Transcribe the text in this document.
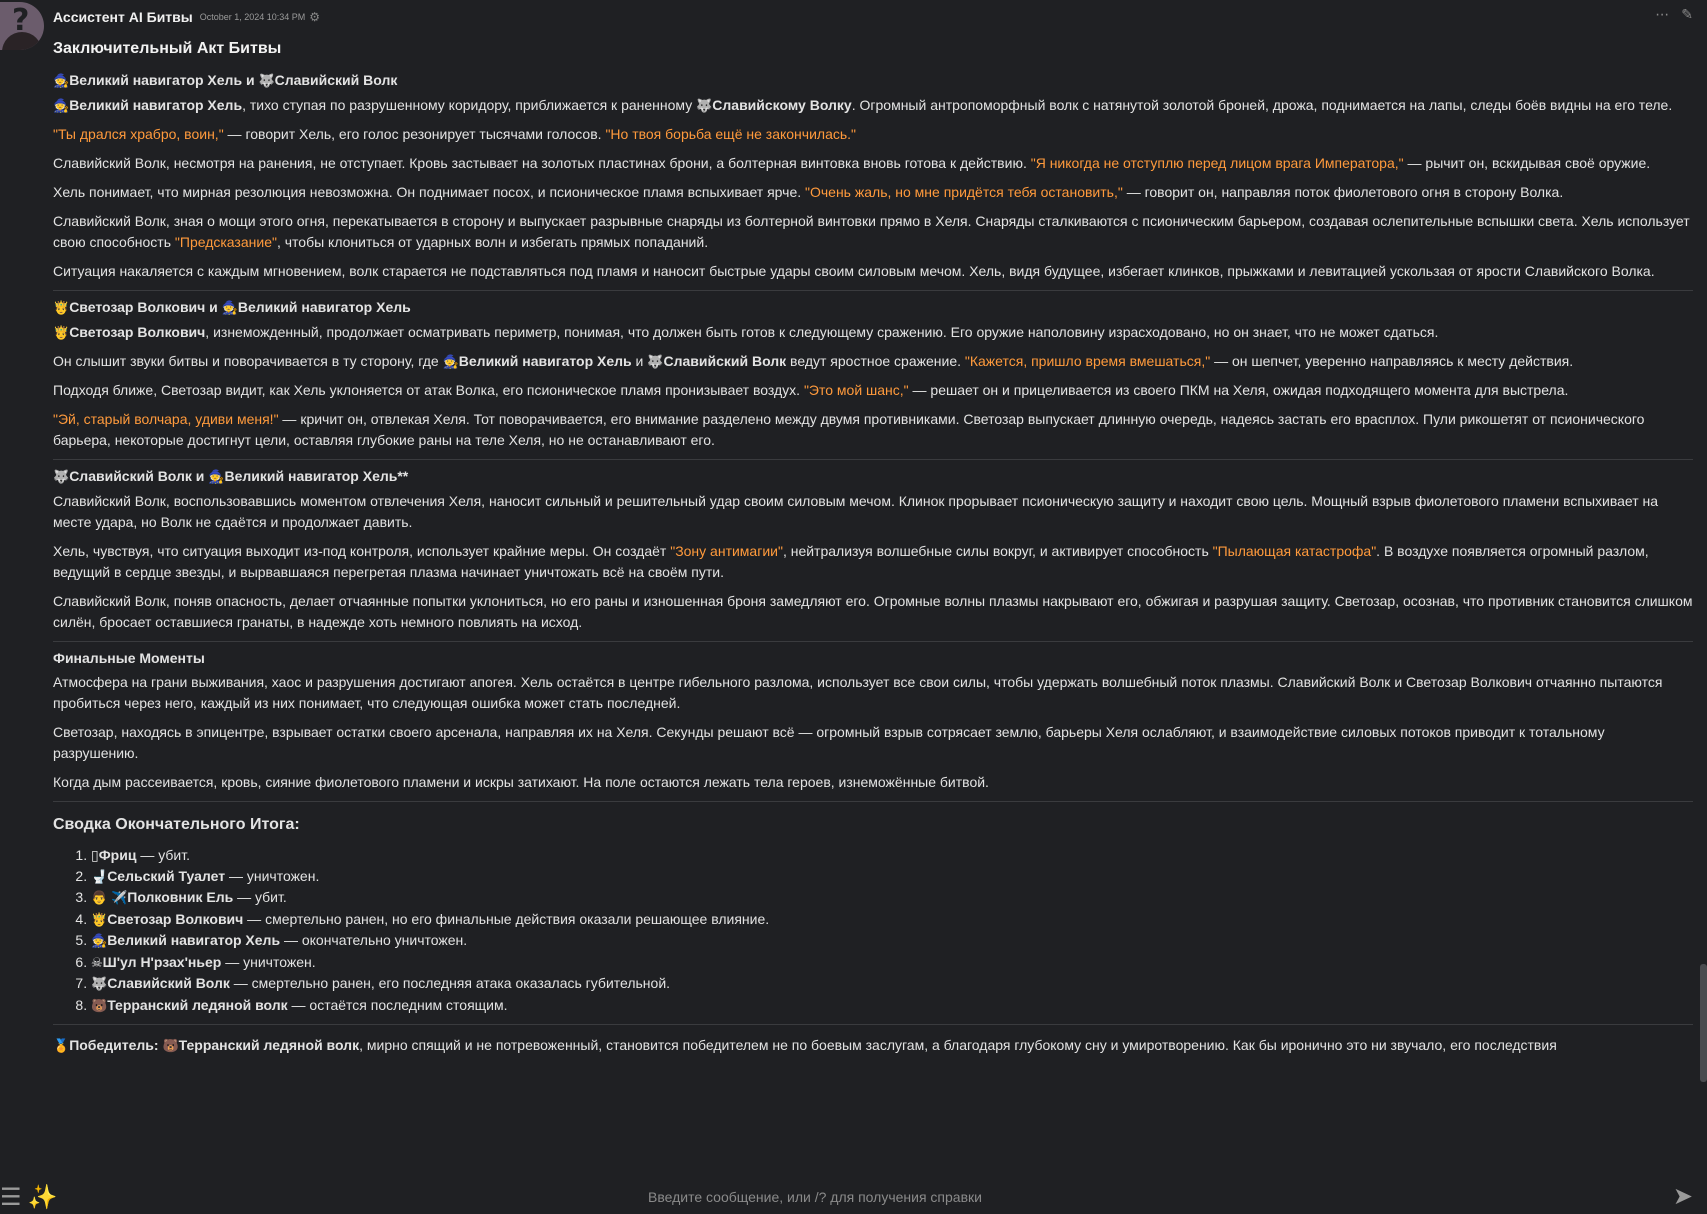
?	⋯ ✎
Ассистент AI Битвы October 1, 2024 10:34 PM ⚙
Заключительный Акт Битвы
🧙Великий навигатор Хель и 🐺Славийский Волк

🧙Великий навигатор Хель, тихо ступая по разрушенному коридору, приближается к раненному 🐺Славийскому Волку. Огромный антропоморфный волк с натянутой золотой броней, дрожа, поднимается на лапы, следы боёв видны на его теле.

"Ты дрался храбро, воин," — говорит Хель, его голос резонирует тысячами голосов. "Но твоя борьба ещё не закончилась."

Славийский Волк, несмотря на ранения, не отступает. Кровь застывает на золотых пластинах брони, а болтерная винтовка вновь готова к действию. "Я никогда не отступлю перед лицом врага Императора," — рычит он, вскидывая своё оружие.

Хель понимает, что мирная резолюция невозможна. Он поднимает посох, и псионическое пламя вспыхивает ярче. "Очень жаль, но мне придётся тебя остановить," — говорит он, направляя поток фиолетового огня в сторону Волка.

Славийский Волк, зная о мощи этого огня, перекатывается в сторону и выпускает разрывные снаряды из болтерной винтовки прямо в Хеля. Снаряды сталкиваются с псионическим барьером, создавая ослепительные вспышки света. Хель использует свою способность "Предсказание", чтобы клониться от ударных волн и избегать прямых попаданий.

Ситуация накаляется с каждым мгновением, волк старается не подставляться под пламя и наносит быстрые удары своим силовым мечом. Хель, видя будущее, избегает клинков, прыжками и левитацией ускользая от ярости Славийского Волка.

🤴Светозар Волкович и 🧙Великий навигатор Хель

🤴Светозар Волкович, изнеможденный, продолжает осматривать периметр, понимая, что должен быть готов к следующему сражению. Его оружие наполовину израсходовано, но он знает, что не может сдаться.

Он слышит звуки битвы и поворачивается в ту сторону, где 🧙Великий навигатор Хель и 🐺Славийский Волк ведут яростное сражение. "Кажется, пришло время вмешаться," — он шепчет, уверенно направляясь к месту действия.

Подходя ближе, Светозар видит, как Хель уклоняется от атак Волка, его псионическое пламя пронизывает воздух. "Это мой шанс," — решает он и прицеливается из своего ПКМ на Хеля, ожидая подходящего момента для выстрела.

"Эй, старый волчара, удиви меня!" — кричит он, отвлекая Хеля. Тот поворачивается, его внимание разделено между двумя противниками. Светозар выпускает длинную очередь, надеясь застать его врасплох. Пули рикошетят от псионического барьера, некоторые достигнут цели, оставляя глубокие раны на теле Хеля, но не останавливают его.

🐺Славийский Волк и 🧙Великий навигатор Хель**

Славийский Волк, воспользовавшись моментом отвлечения Хеля, наносит сильный и решительный удар своим силовым мечом. Клинок прорывает псионическую защиту и находит свою цель. Мощный взрыв фиолетового пламени вспыхивает на месте удара, но Волк не сдаётся и продолжает давить.

Хель, чувствуя, что ситуация выходит из-под контроля, использует крайние меры. Он создаёт "Зону антимагии", нейтрализуя волшебные силы вокруг, и активирует способность "Пылающая катастрофа". В воздухе появляется огромный разлом, ведущий в сердце звезды, и вырвавшаяся перегретая плазма начинает уничтожать всё на своём пути.

Славийский Волк, поняв опасность, делает отчаянные попытки уклониться, но его раны и изношенная броня замедляют его. Огромные волны плазмы накрывают его, обжигая и разрушая защиту. Светозар, осознав, что противник становится слишком силён, бросает оставшиеся гранаты, в надежде хоть немного повлиять на исход.

Финальные Моменты

Атмосфера на грани выживания, хаос и разрушения достигают апогея. Хель остаётся в центре гибельного разлома, использует все свои силы, чтобы удержать волшебный поток плазмы. Славийский Волк и Светозар Волкович отчаянно пытаются пробиться через него, каждый из них понимает, что следующая ошибка может стать последней.

Светозар, находясь в эпицентре, взрывает остатки своего арсенала, направляя их на Хеля. Секунды решают всё — огромный взрыв сотрясает землю, барьеры Хеля ослабляют, и взаимодействие силовых потоков приводит к тотальному разрушению.

Когда дым рассеивается, кровь, сияние фиолетового пламени и искры затихают. На поле остаются лежать тела героев, изнеможённые битвой.

Сводка Окончательного Итога:
1. ▯Фриц — убит.
2. 🚽Сельский Туалет — уничтожен.
3. 👨 ✈️Полковник Ель — убит.
4. 🤴Светозар Волкович — смертельно ранен, но его финальные действия оказали решающее влияние.
5. 🧙Великий навигатор Хель — окончательно уничтожен.
6. ☠Ш'ул Н'рзах'ньер — уничтожен.
7. 🐺Славийский Волк — смертельно ранен, его последняя атака оказалась губительной.
8. 🐻Терранский ледяной волк — остаётся последним стоящим.
🏅Победитель: 🐻Терранский ледяной волк, мирно спящий и не потревоженный, становится победителем не по боевым заслугам, а благодаря глубокому сну и умиротворению. Как бы иронично это ни звучало, его последствия
☰ ✨
Введите сообщение, или /? для получения справки	➤
